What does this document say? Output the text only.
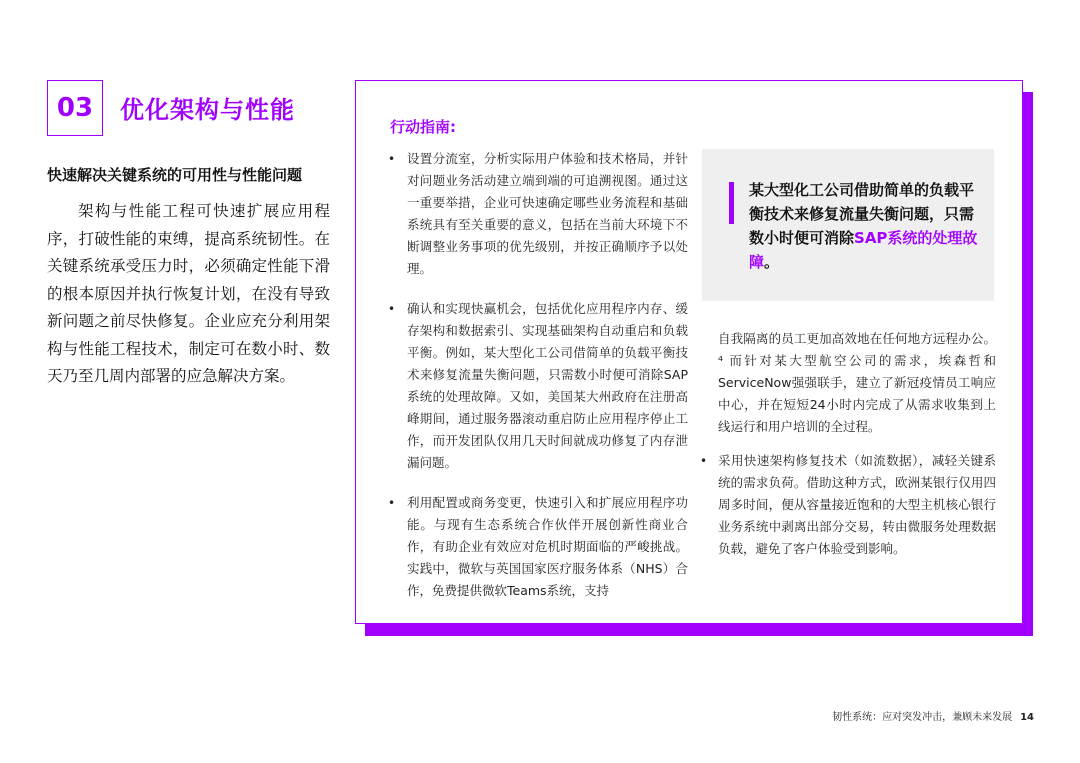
03	优化架构与性能
快速解决关键系统的可用性与性能问题
架构与性能工程可快速扩展应用程序，打破性能的束缚，提高系统韧性。在关键系统承受压力时，必须确定性能下滑的根本原因并执行恢复计划，在没有导致新问题之前尽快修复。企业应充分利用架构与性能工程技术，制定可在数小时、数天乃至几周内部署的应急解决方案。
行动指南:
• 设置分流室，分析实际用户体验和技术格局，并针对问题业务活动建立端到端的可追溯视图。通过这一重要举措，企业可快速确定哪些业务流程和基础系统具有至关重要的意义，包括在当前大环境下不断调整业务事项的优先级别，并按正确顺序予以处理。
• 确认和实现快赢机会，包括优化应用程序内存、缓存架构和数据索引、实现基础架构自动重启和负载平衡。例如，某大型化工公司借简单的负载平衡技术来修复流量失衡问题，只需数小时便可消除SAP系统的处理故障。又如，美国某大州政府在注册高峰期间，通过服务器滚动重启防止应用程序停止工作，而开发团队仅用几天时间就成功修复了内存泄漏问题。
• 利用配置或商务变更，快速引入和扩展应用程序功能。与现有生态系统合作伙伴开展创新性商业合作，有助企业有效应对危机时期面临的严峻挑战。实践中，微软与英国国家医疗服务体系（NHS）合作，免费提供微软Teams系统，支持
某大型化工公司借助简单的负载平衡技术来修复流量失衡问题，只需数小时便可消除SAP系统的处理故障。
自我隔离的员工更加高效地在任何地方远程办公。⁴ 而针对某大型航空公司的需求，埃森哲和ServiceNow强强联手，建立了新冠疫情员工响应中心，并在短短24小时内完成了从需求收集到上线运行和用户培训的全过程。
• 采用快速架构修复技术（如流数据），减轻关键系统的需求负荷。借助这种方式，欧洲某银行仅用四周多时间，便从容量接近饱和的大型主机核心银行业务系统中剥离出部分交易，转由微服务处理数据负载，避免了客户体验受到影响。
韧性系统：应对突发冲击，兼顾未来发展 14
